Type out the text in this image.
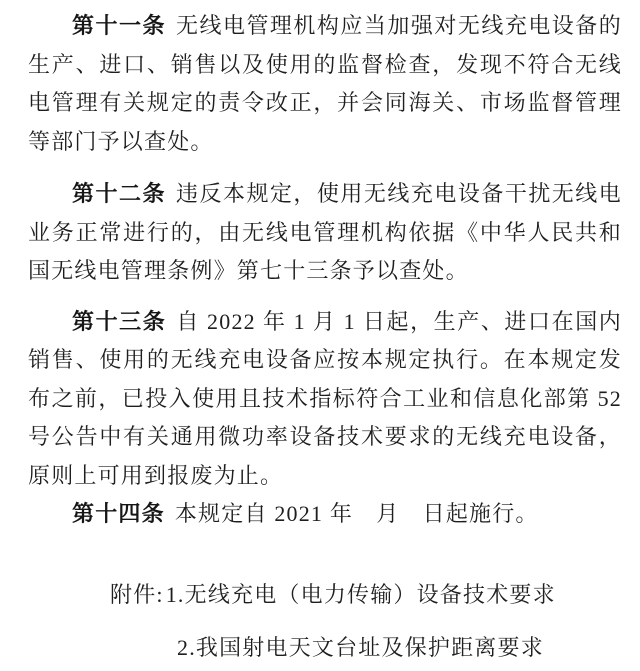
第十一条 无线电管理机构应当加强对无线充电设备的生产、进口、销售以及使用的监督检查，发现不符合无线电管理有关规定的责令改正，并会同海关、市场监督管理等部门予以查处。

第十二条 违反本规定，使用无线充电设备干扰无线电业务正常进行的，由无线电管理机构依据《中华人民共和国无线电管理条例》第七十三条予以查处。

第十三条 自 2022 年 1 月 1 日起，生产、进口在国内销售、使用的无线充电设备应按本规定执行。在本规定发布之前，已投入使用且技术指标符合工业和信息化部第 52 号公告中有关通用微功率设备技术要求的无线充电设备，原则上可用到报废为止。

第十四条 本规定自 2021 年　月　日起施行。

附件:1.无线充电（电力传输）设备技术要求
2.我国射电天文台址及保护距离要求
